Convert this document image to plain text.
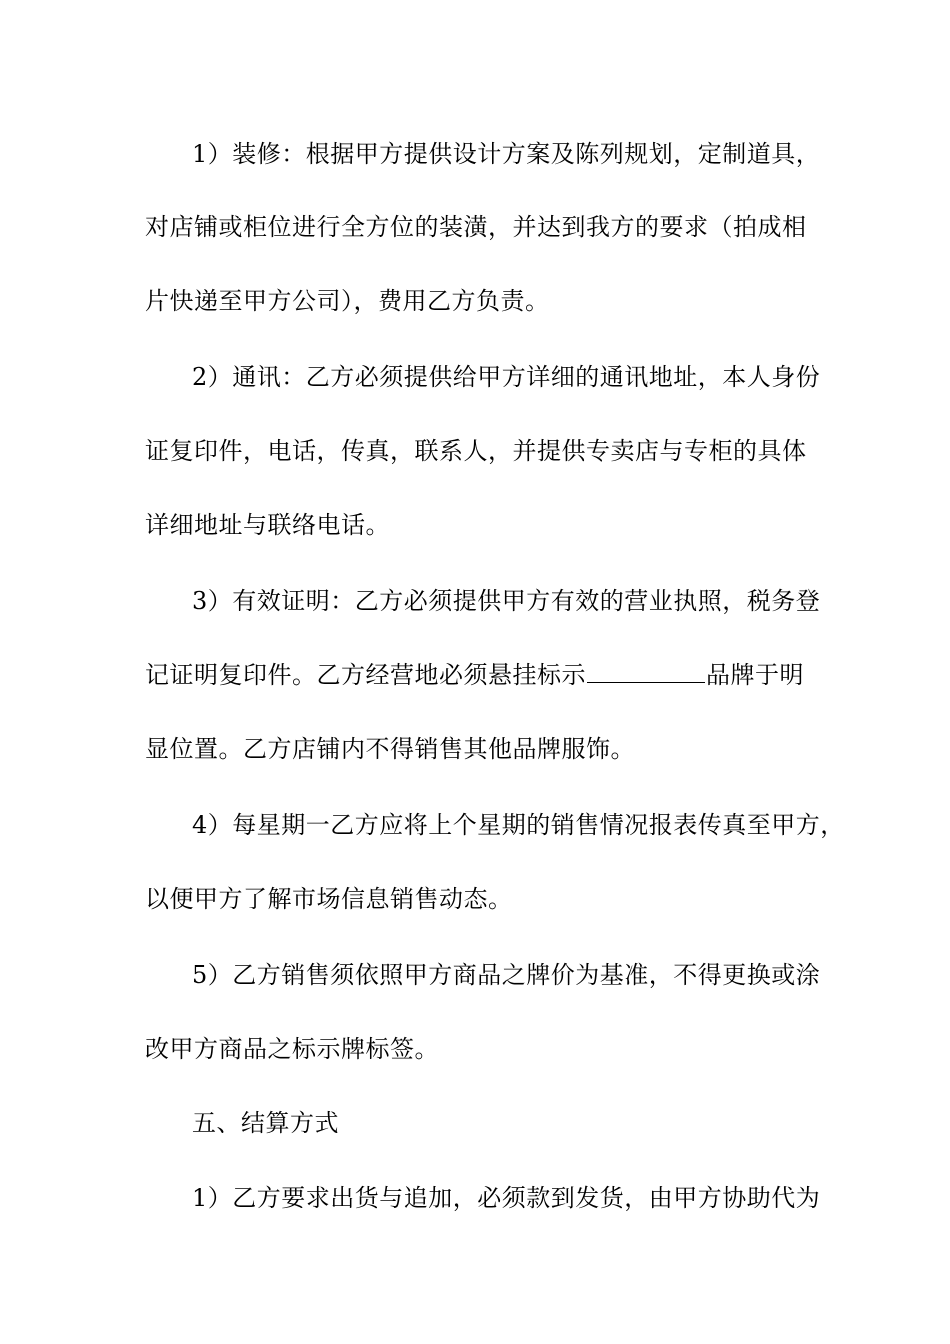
1）装修：根据甲方提供设计方案及陈列规划，定制道具，
对店铺或柜位进行全方位的装潢，并达到我方的要求（拍成相
片快递至甲方公司），费用乙方负责。
2）通讯：乙方必须提供给甲方详细的通讯地址，本人身份
证复印件，电话，传真，联系人，并提供专卖店与专柜的具体
详细地址与联络电话。
3）有效证明：乙方必须提供甲方有效的营业执照，税务登
记证明复印件。乙方经营地必须悬挂标示	品牌于明
显位置。乙方店铺内不得销售其他品牌服饰。
4）每星期一乙方应将上个星期的销售情况报表传真至甲方，
以便甲方了解市场信息销售动态。
5）乙方销售须依照甲方商品之牌价为基准，不得更换或涂
改甲方商品之标示牌标签。
五、结算方式
1）乙方要求出货与追加，必须款到发货，由甲方协助代为
